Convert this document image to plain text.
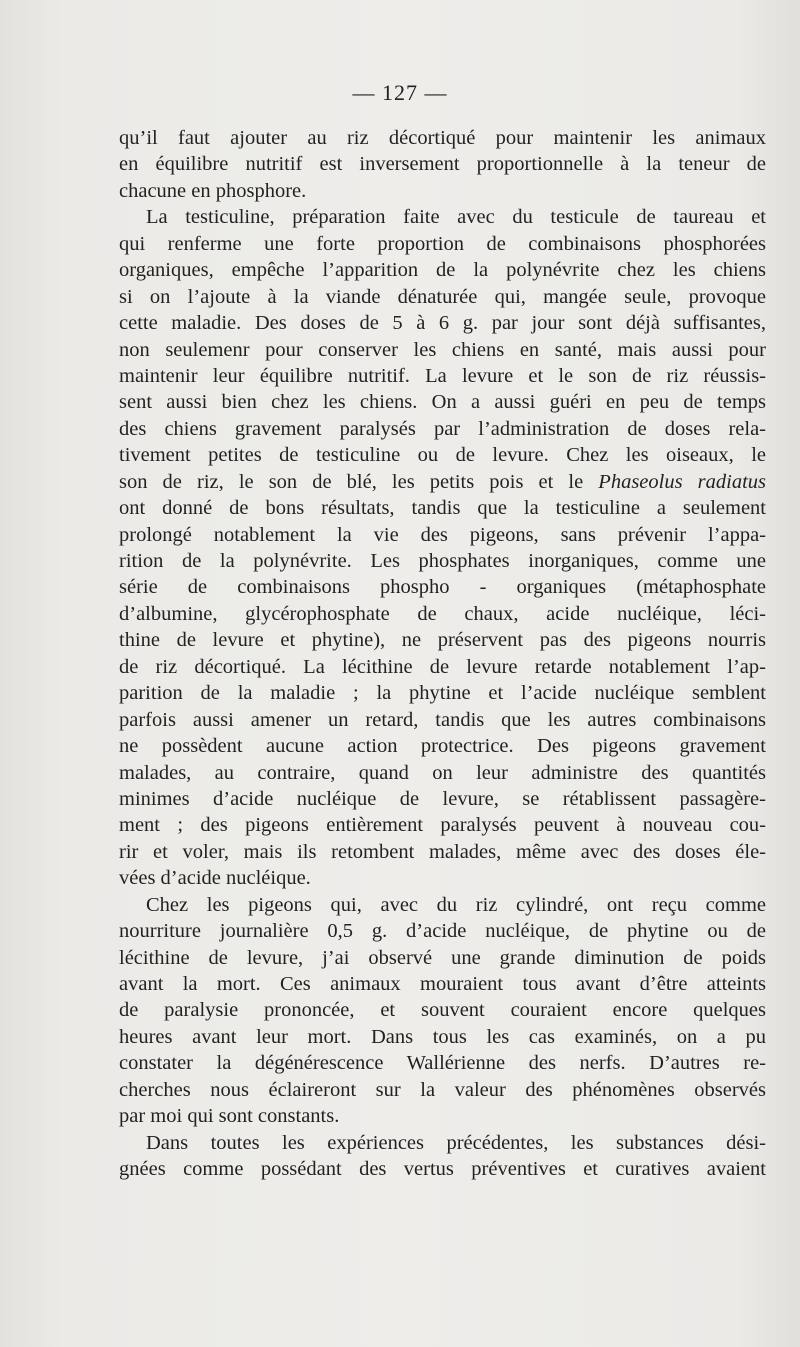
— 127 —
qu’il faut ajouter au riz décortiqué pour maintenir les animaux
en équilibre nutritif est inversement proportionnelle à la teneur de
chacune en phosphore.
La testiculine, préparation faite avec du testicule de taureau et
qui renferme une forte proportion de combinaisons phosphorées
organiques, empêche l’apparition de la polynévrite chez les chiens
si on l’ajoute à la viande dénaturée qui, mangée seule, provoque
cette maladie. Des doses de 5 à 6 g. par jour sont déjà suffisantes,
non seulemenr pour conserver les chiens en santé, mais aussi pour
maintenir leur équilibre nutritif. La levure et le son de riz réussis-
sent aussi bien chez les chiens. On a aussi guéri en peu de temps
des chiens gravement paralysés par l’administration de doses rela-
tivement petites de testiculine ou de levure. Chez les oiseaux, le
son de riz, le son de blé, les petits pois et le Phaseolus radiatus
ont donné de bons résultats, tandis que la testiculine a seulement
prolongé notablement la vie des pigeons, sans prévenir l’appa-
rition de la polynévrite. Les phosphates inorganiques, comme une
série de combinaisons phospho - organiques (métaphosphate
d’albumine, glycérophosphate de chaux, acide nucléique, léci-
thine de levure et phytine), ne préservent pas des pigeons nourris
de riz décortiqué. La lécithine de levure retarde notablement l’ap-
parition de la maladie ; la phytine et l’acide nucléique semblent
parfois aussi amener un retard, tandis que les autres combinaisons
ne possèdent aucune action protectrice. Des pigeons gravement
malades, au contraire, quand on leur administre des quantités
minimes d’acide nucléique de levure, se rétablissent passagère-
ment ; des pigeons entièrement paralysés peuvent à nouveau cou-
rir et voler, mais ils retombent malades, même avec des doses éle-
vées d’acide nucléique.
Chez les pigeons qui, avec du riz cylindré, ont reçu comme
nourriture journalière 0,5 g. d’acide nucléique, de phytine ou de
lécithine de levure, j’ai observé une grande diminution de poids
avant la mort. Ces animaux mouraient tous avant d’être atteints
de paralysie prononcée, et souvent couraient encore quelques
heures avant leur mort. Dans tous les cas examinés, on a pu
constater la dégénérescence Wallérienne des nerfs. D’autres re-
cherches nous éclaireront sur la valeur des phénomènes observés
par moi qui sont constants.
Dans toutes les expériences précédentes, les substances dési-
gnées comme possédant des vertus préventives et curatives avaient
